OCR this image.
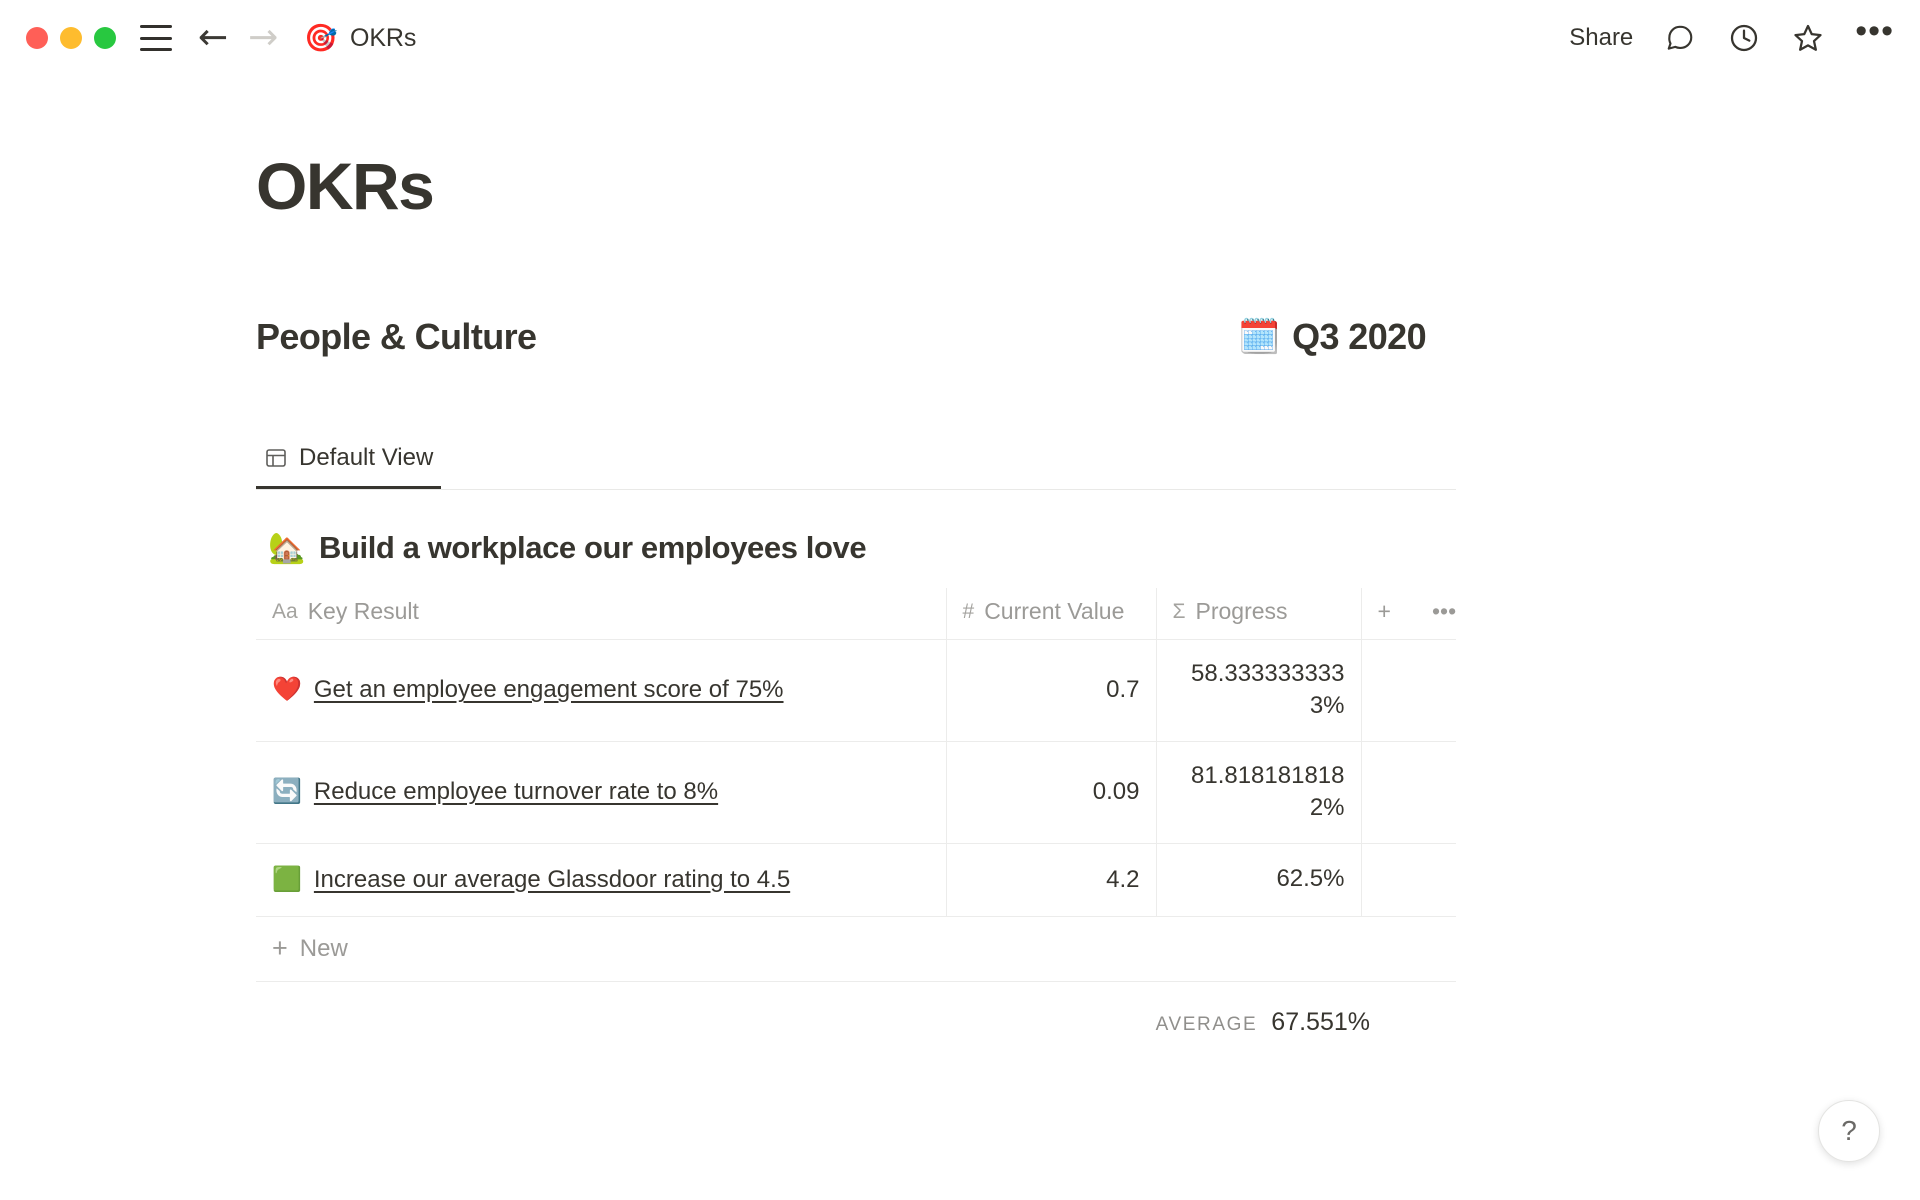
← → 🎯 OKRs	Share	•••
OKRs
People & Culture	🗓️ Q3 2020
Default View
🏡 Build a workplace our employees love
Aa Key Result	# Current Value	Σ Progress	+	•••

❤️ Get an employee engagement score of 75%	0.7	58.3333333333%		

🔄 Reduce employee turnover rate to 8%	0.09	81.8181818182%		

🟩 Increase our average Glassdoor rating to 4.5	4.2	62.5%		
+ New
AVERAGE 67.551%
?
